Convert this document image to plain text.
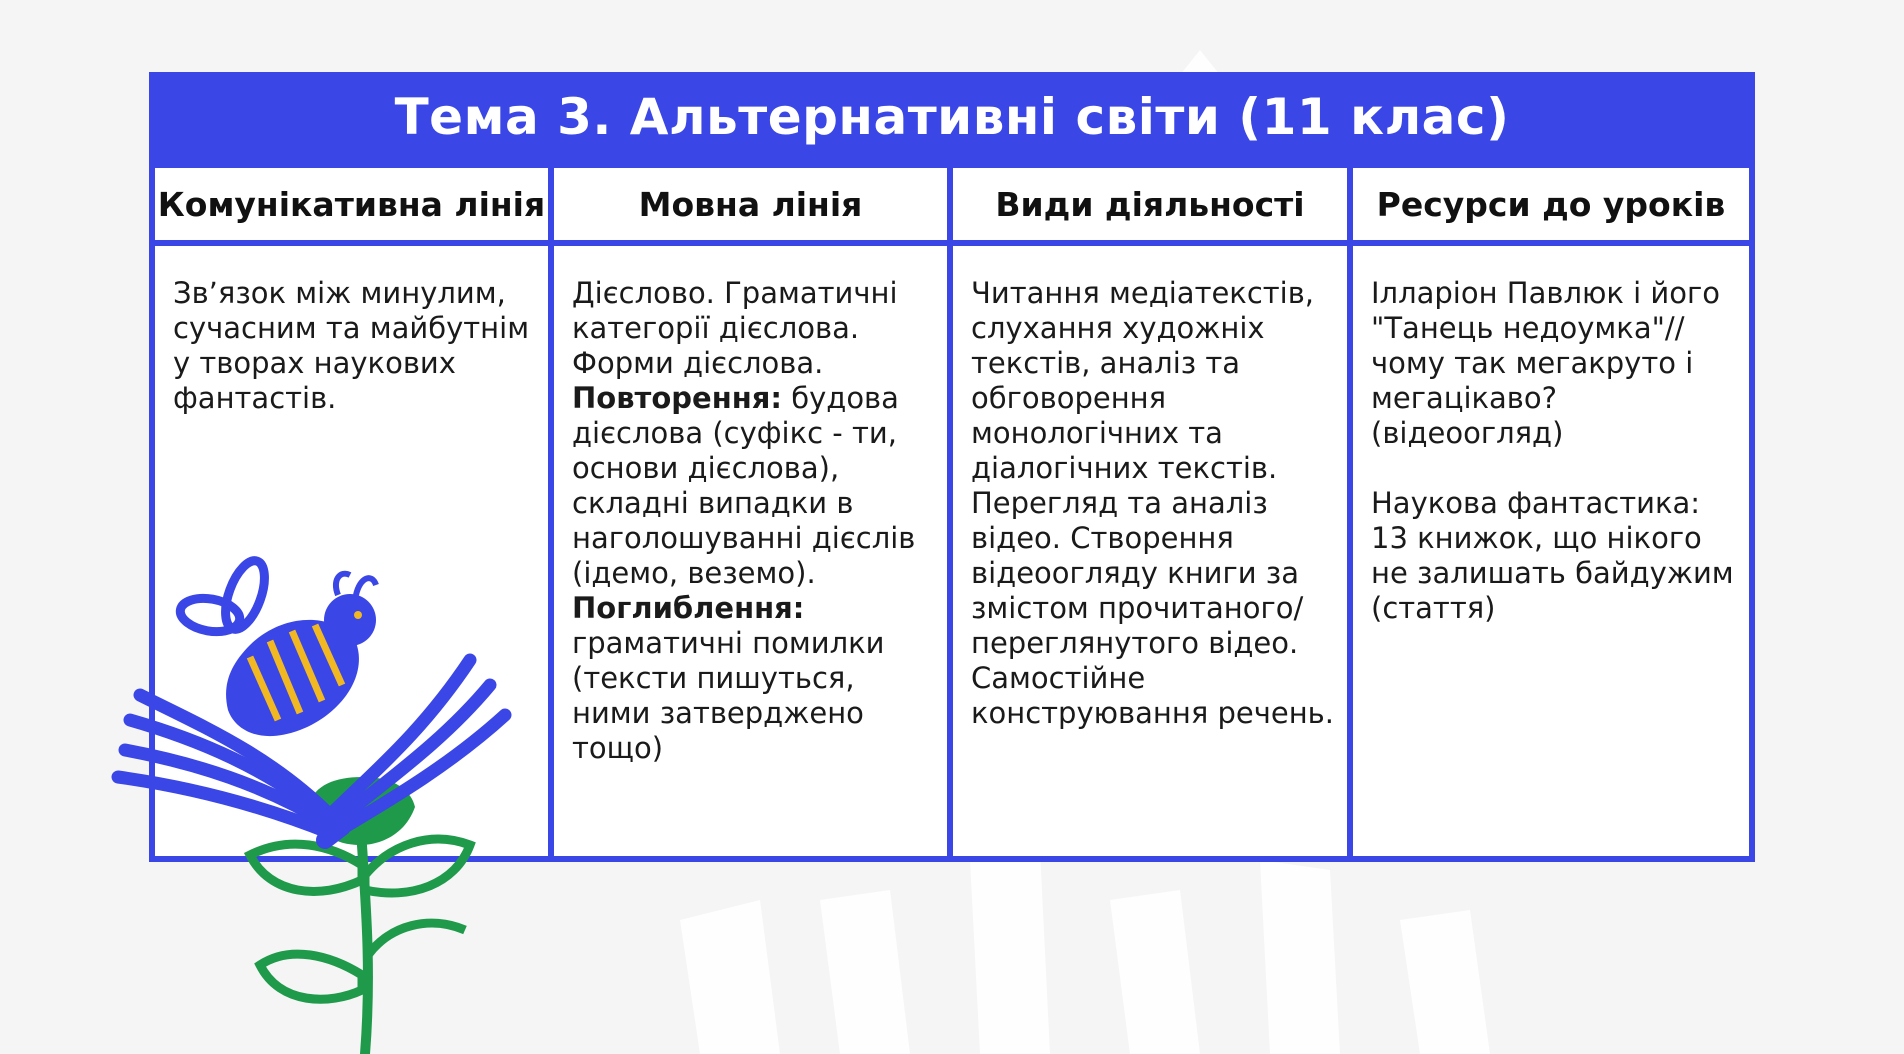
Тема 3. Альтернативні світи (11 клас)
Комунікативна лінія	Мовна лінія	Види діяльності Ресурси до уроків

Зв’язок між минулим, сучасним та майбутнім у творах наукових фантастів.

Дієслово. Граматичні категорії дієслова. Форми дієслова.
Повторення: будова дієслова (суфікс - ти, основи дієслова), складні випадки в наголошуванні дієслів (ідемо, веземо).
Поглиблення: граматичні помилки (тексти пишуться, ними затверджено тощо)

Читання медіатекстів, слухання художніх текстів, аналіз та обговорення монологічних та діалогічних текстів. Перегляд та аналіз відео. Створення відеоогляду книги за змістом прочитаного/ переглянутого відео. Самостійне конструювання речень.

Ілларіон Павлюк і його "Танець недоумка"//чому так мегакруто і мегацікаво? (відеоогляд)

Наукова фантастика: 13 книжок, що нікого не залишать байдужим (стаття)
